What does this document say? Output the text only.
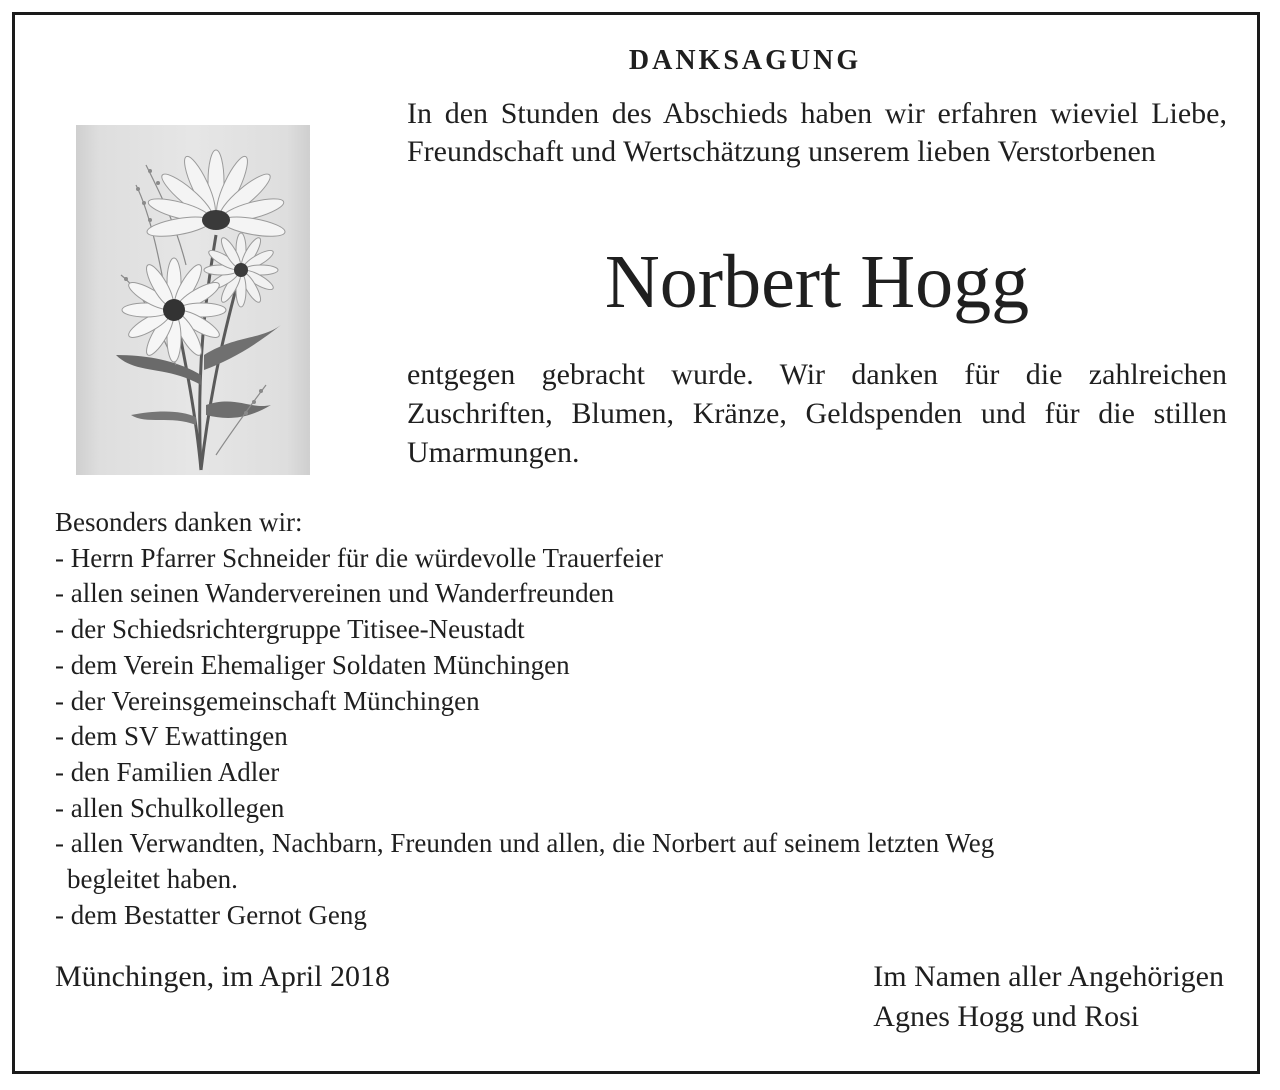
DANKSAGUNG
In den Stunden des Abschieds haben wir erfahren wieviel Liebe, Freundschaft und Wertschätzung unserem lieben Verstorbenen
Norbert Hogg
entgegen gebracht wurde. Wir danken für die zahlreichen Zuschriften, Blumen, Kränze, Geldspenden und für die stillen Umarmungen.
Besonders danken wir:
- Herrn Pfarrer Schneider für die würdevolle Trauerfeier
- allen seinen Wandervereinen und Wanderfreunden
- der Schiedsrichtergruppe Titisee-Neustadt
- dem Verein Ehemaliger Soldaten Münchingen
- der Vereinsgemeinschaft Münchingen
- dem SV Ewattingen
- den Familien Adler
- allen Schulkollegen
- allen Verwandten, Nachbarn, Freunden und allen, die Norbert auf seinem letzten Weg
begleitet haben.
- dem Bestatter Gernot Geng
Münchingen, im April 2018	Im Namen aller Angehörigen
Agnes Hogg und Rosi
